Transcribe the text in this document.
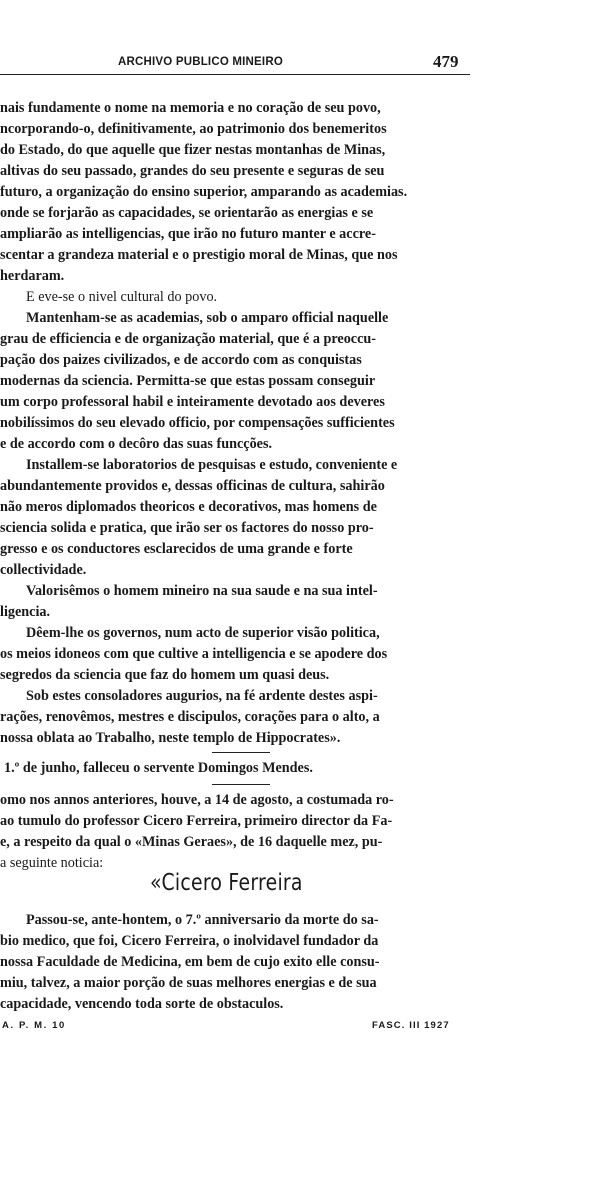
ARCHIVO PUBLICO MINEIRO	479
nais fundamente o nome na memoria e no coração de seu povo,
ncorporando-o, definitivamente, ao patrimonio dos benemeritos
do Estado, do que aquelle que fizer nestas montanhas de Minas,
altivas do seu passado, grandes do seu presente e seguras de seu
futuro, a organização do ensino superior, amparando as academias.
onde se forjarão as capacidades, se orientarão as energias e se
ampliarão as intelligencias, que irão no futuro manter e accre-
scentar a grandeza material e o prestigio moral de Minas, que nos
herdaram.
E eve-se o nivel cultural do povo.
Mantenham-se as academias, sob o amparo official naquelle
grau de efficiencia e de organização material, que é a preoccu-
pação dos paizes civilizados, e de accordo com as conquistas
modernas da sciencia. Permitta-se que estas possam conseguir
um corpo professoral habil e inteiramente devotado aos deveres
nobilíssimos do seu elevado officio, por compensações sufficientes
e de accordo com o decôro das suas funcções.
Installem-se laboratorios de pesquisas e estudo, conveniente e
abundantemente providos e, dessas officinas de cultura, sahirão
não meros diplomados theoricos e decorativos, mas homens de
sciencia solida e pratica, que irão ser os factores do nosso pro-
gresso e os conductores esclarecidos de uma grande e forte
collectividade.
Valorisêmos o homem mineiro na sua saude e na sua intel-
ligencia.
Dêem-lhe os governos, num acto de superior visão politica,
os meios idoneos com que cultive a intelligencia e se apodere dos
segredos da sciencia que faz do homem um quasi deus.
Sob estes consoladores augurios, na fé ardente destes aspi-
rações, renovêmos, mestres e discipulos, corações para o alto, a
nossa oblata ao Trabalho, neste templo de Hippocrates».
1.º de junho, falleceu o servente Domingos Mendes.
omo nos annos anteriores, houve, a 14 de agosto, a costumada ro-
ao tumulo do professor Cicero Ferreira, primeiro director da Fa-
e, a respeito da qual o «Minas Geraes», de 16 daquelle mez, pu-
a seguinte noticia:
«Cicero Ferreira
Passou-se, ante-hontem, o 7.º anniversario da morte do sa-
bio medico, que foi, Cicero Ferreira, o inolvidavel fundador da
nossa Faculdade de Medicina, em bem de cujo exito elle consu-
miu, talvez, a maior porção de suas melhores energias e de sua
capacidade, vencendo toda sorte de obstaculos.
A. P. M. 10	FASC. III 1927
